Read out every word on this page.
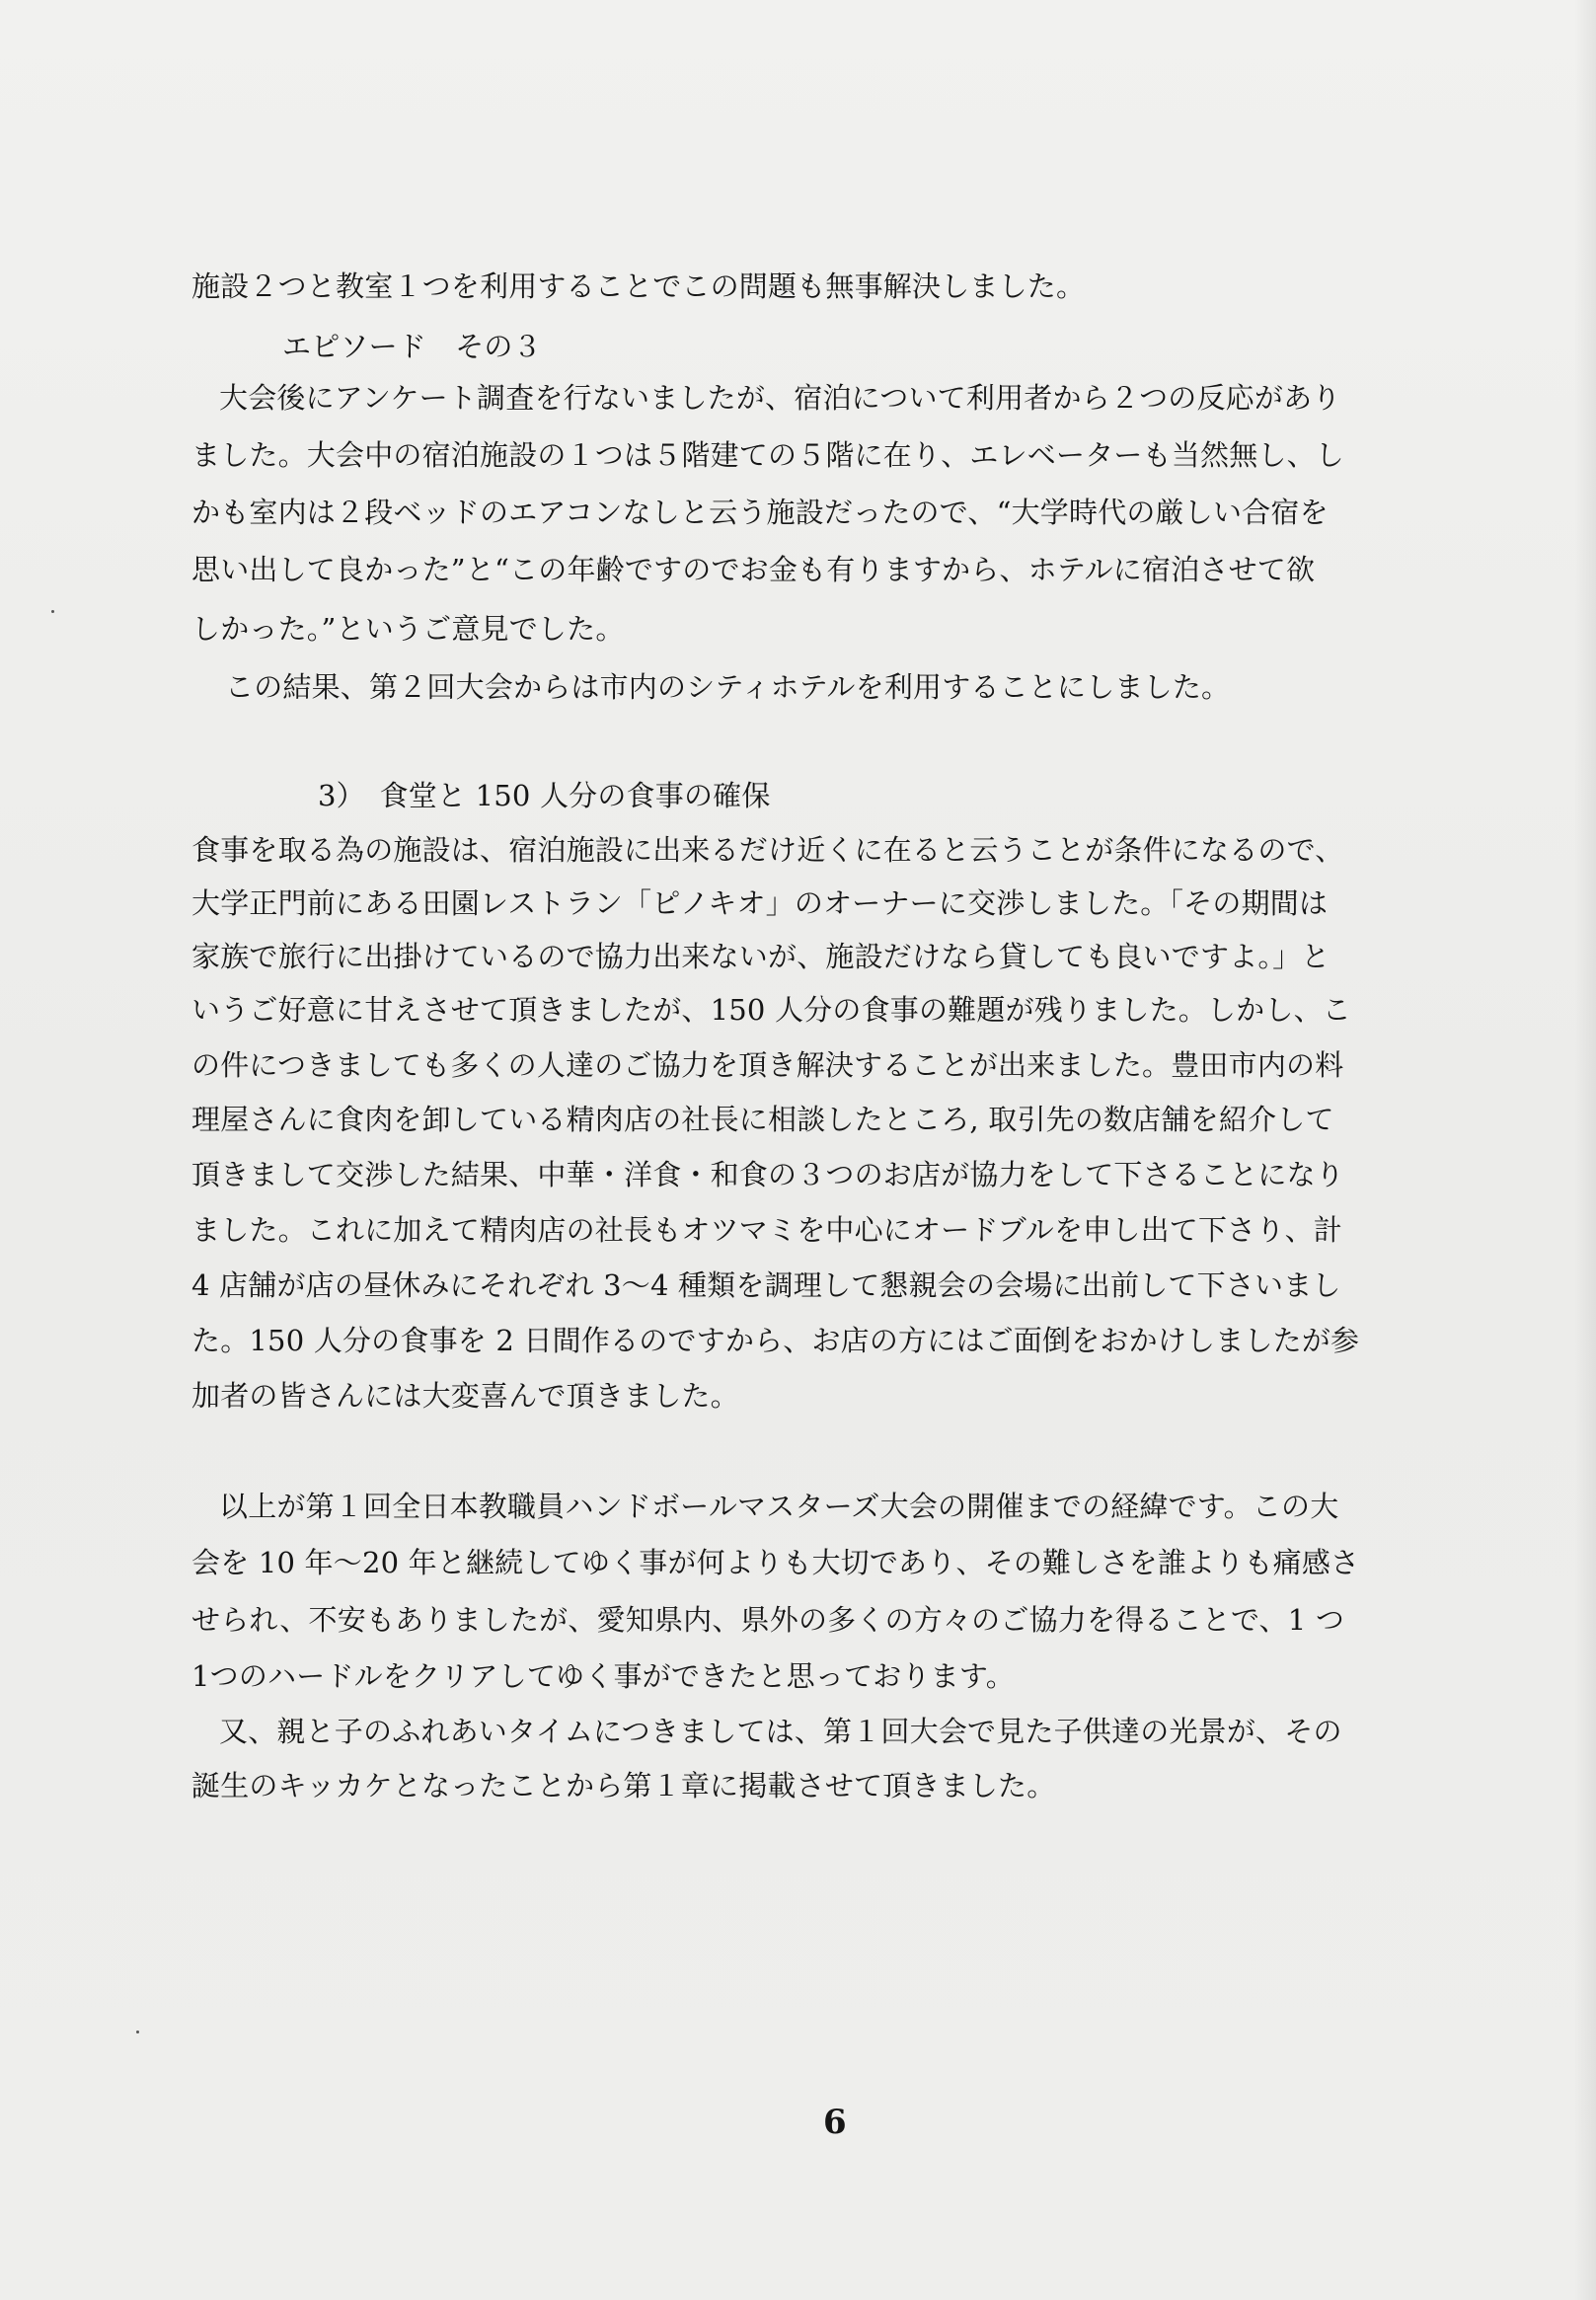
施設２つと教室１つを利用することでこの問題も無事解決しました。
エピソード　その３
大会後にアンケート調査を行ないましたが、宿泊について利用者から２つの反応があり
ました。大会中の宿泊施設の１つは５階建ての５階に在り、エレベーターも当然無し、し
かも室内は２段ベッドのエアコンなしと云う施設だったので、“大学時代の厳しい合宿を
思い出して良かった”と“この年齢ですのでお金も有りますから、ホテルに宿泊させて欲
しかった。”というご意見でした。
この結果、第２回大会からは市内のシティホテルを利用することにしました。
3）　食堂と 150 人分の食事の確保
食事を取る為の施設は、宿泊施設に出来るだけ近くに在ると云うことが条件になるので、
大学正門前にある田園レストラン「ピノキオ」のオーナーに交渉しました。「その期間は
家族で旅行に出掛けているので協力出来ないが、施設だけなら貸しても良いですよ。」と
いうご好意に甘えさせて頂きましたが、150 人分の食事の難題が残りました。しかし、こ
の件につきましても多くの人達のご協力を頂き解決することが出来ました。豊田市内の料
理屋さんに食肉を卸している精肉店の社長に相談したところ, 取引先の数店舗を紹介して
頂きまして交渉した結果、中華・洋食・和食の３つのお店が協力をして下さることになり
ました。これに加えて精肉店の社長もオツマミを中心にオードブルを申し出て下さり、計
4 店舗が店の昼休みにそれぞれ 3～4 種類を調理して懇親会の会場に出前して下さいまし
た。150 人分の食事を 2 日間作るのですから、お店の方にはご面倒をおかけしましたが参
加者の皆さんには大変喜んで頂きました。
以上が第１回全日本教職員ハンドボールマスターズ大会の開催までの経緯です。この大
会を 10 年～20 年と継続してゆく事が何よりも大切であり、その難しさを誰よりも痛感さ
せられ、不安もありましたが、愛知県内、県外の多くの方々のご協力を得ることで、1 つ
1つのハードルをクリアしてゆく事ができたと思っております。
又、親と子のふれあいタイムにつきましては、第１回大会で見た子供達の光景が、その
誕生のキッカケとなったことから第１章に掲載させて頂きました。
6
